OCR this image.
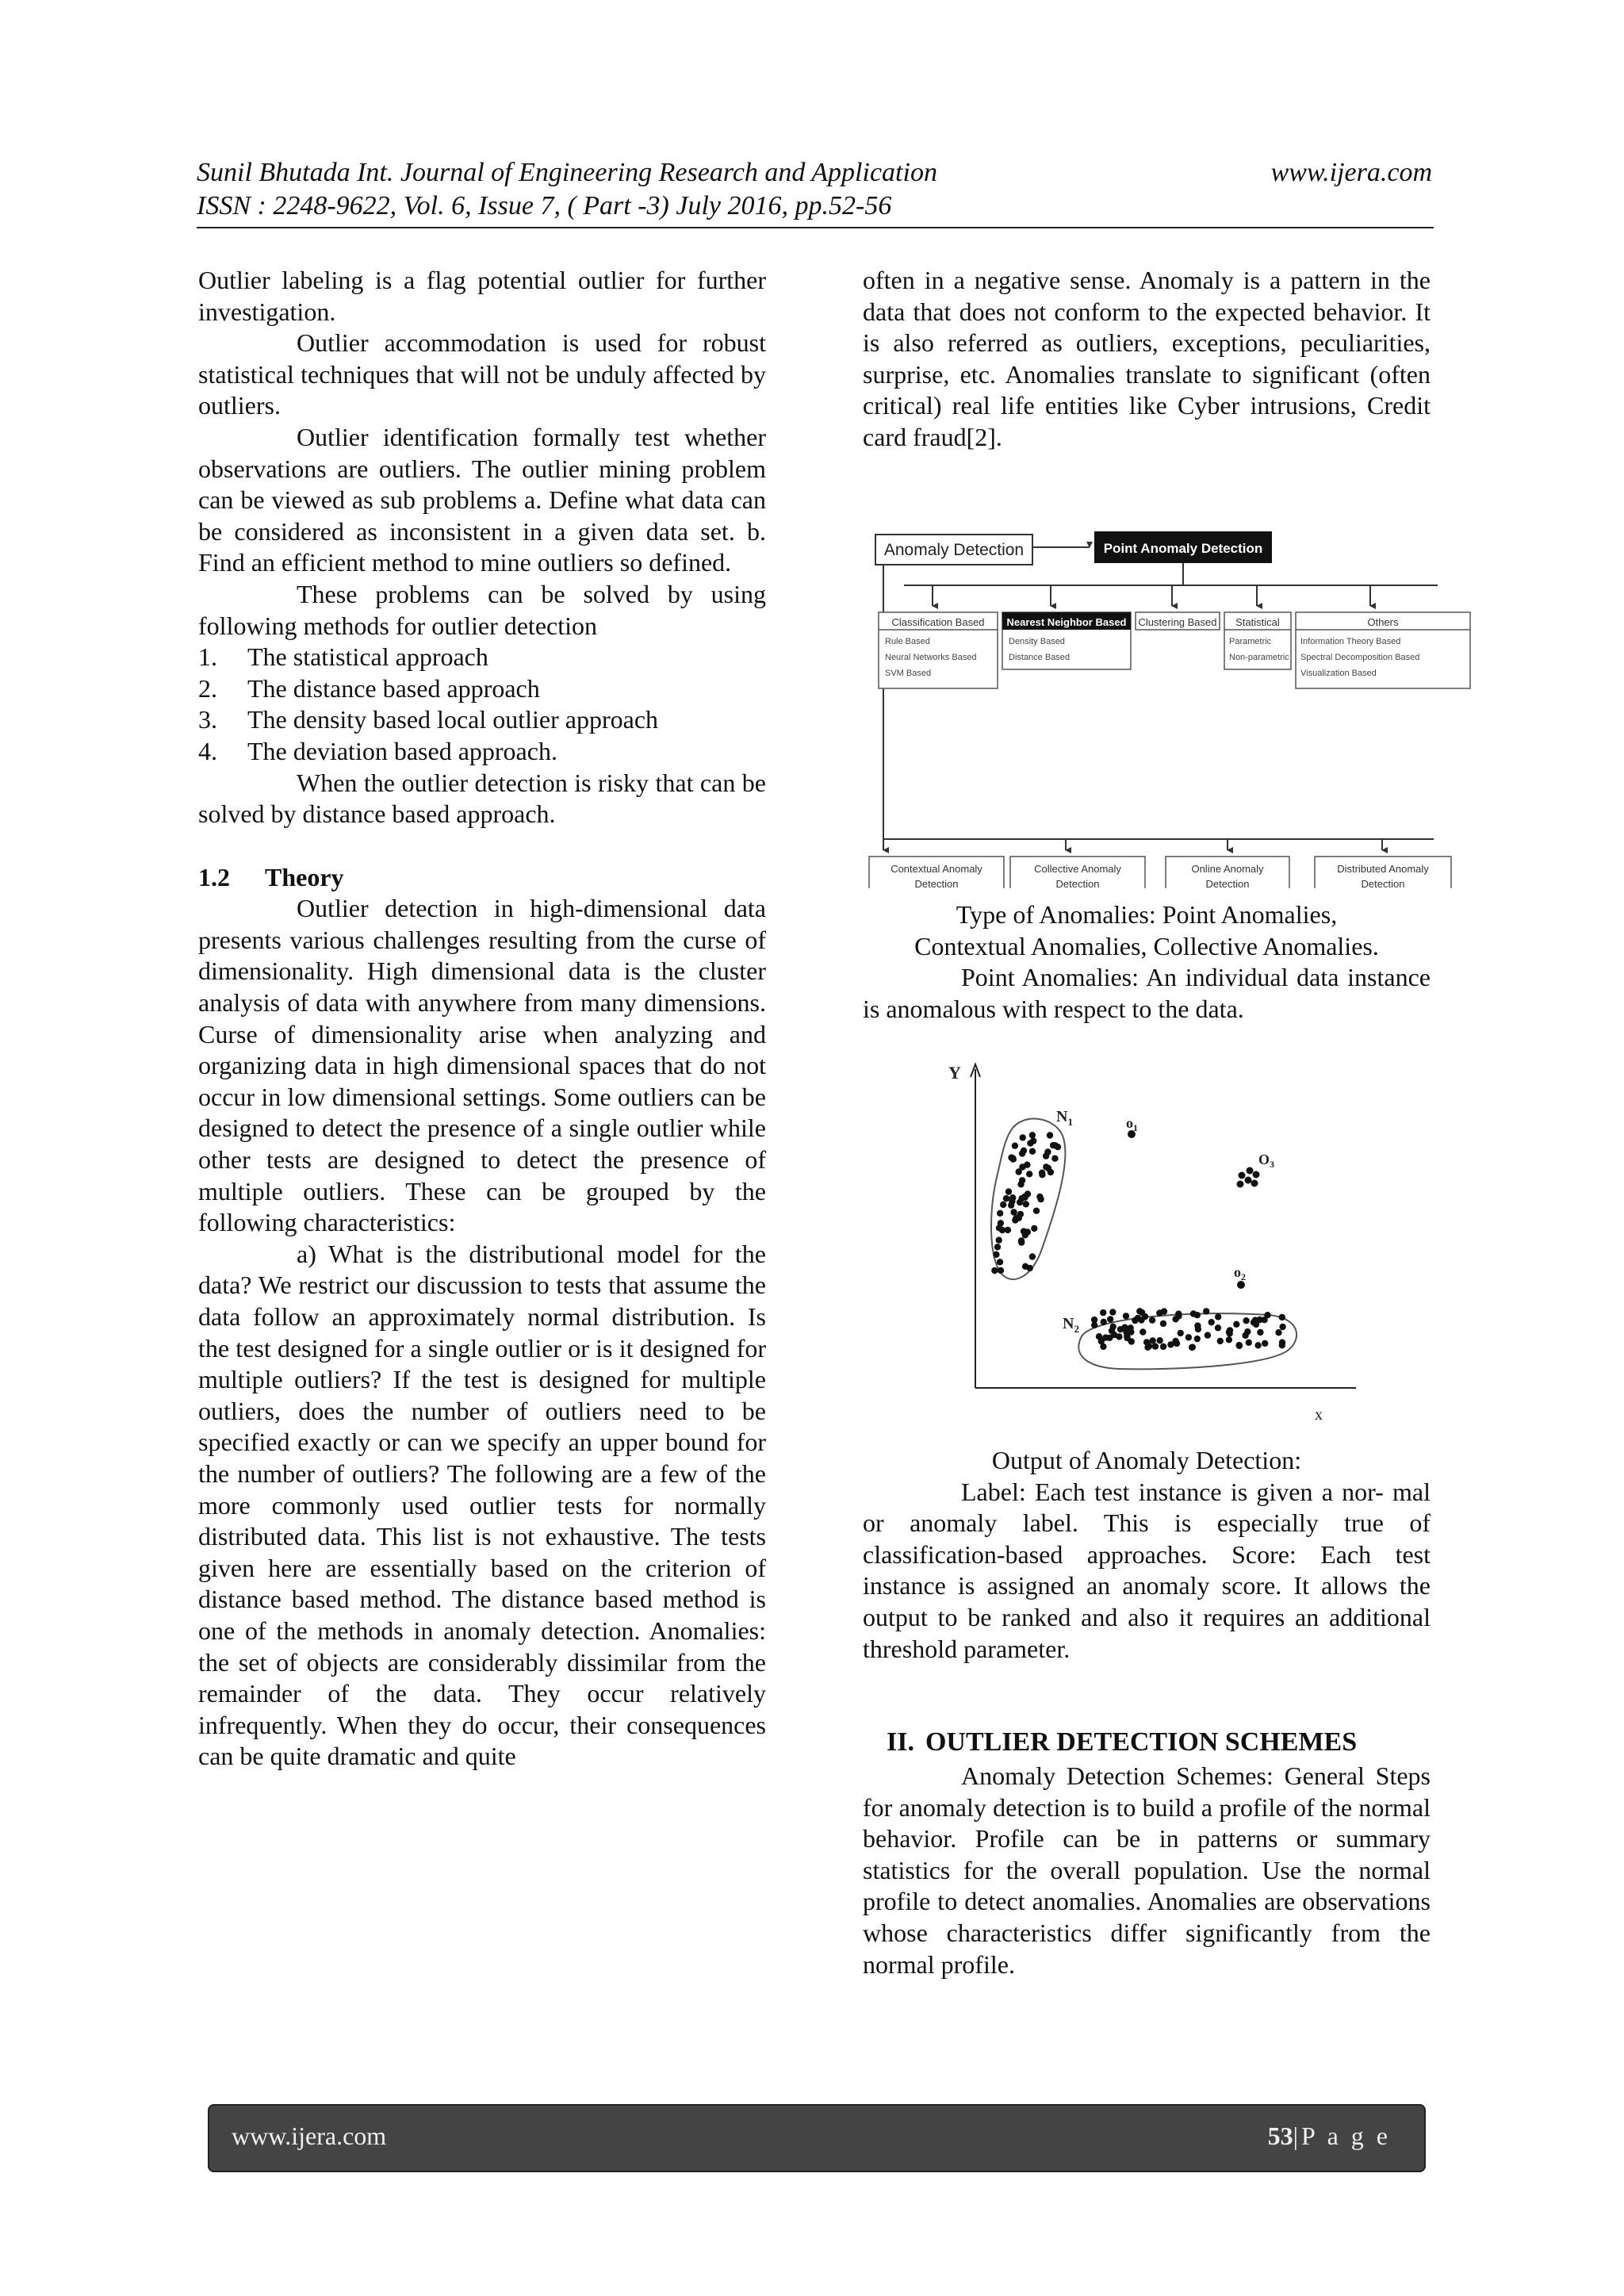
Sunil Bhutada Int. Journal of Engineering Research and Application	www.ijera.com
ISSN : 2248-9622, Vol. 6, Issue 7, ( Part -3) July 2016, pp.52-56

Outlier labeling is a flag potential outlier for further investigation.

Outlier accommodation is used for robust statistical techniques that will not be unduly affected by outliers.

Outlier identification formally test whether observations are outliers. The outlier mining problem can be viewed as sub problems a. Define what data can be considered as inconsistent in a given data set. b. Find an efficient method to mine outliers so defined.

These problems can be solved by using following methods for outlier detection

1. The statistical approach
2. The distance based approach
3. The density based local outlier approach
4. The deviation based approach.

When the outlier detection is risky that can be solved by distance based approach.

1.2 Theory

Outlier detection in high-dimensional data presents various challenges resulting from the curse of dimensionality. High dimensional data is the cluster analysis of data with anywhere from many dimensions. Curse of dimensionality arise when analyzing and organizing data in high dimensional spaces that do not occur in low dimensional settings. Some outliers can be designed to detect the presence of a single outlier while other tests are designed to detect the presence of multiple outliers. These can be grouped by the following characteristics:

a) What is the distributional model for the data? We restrict our discussion to tests that assume the data follow an approximately normal distribution. Is the test designed for a single outlier or is it designed for multiple outliers? If the test is designed for multiple outliers, does the number of outliers need to be specified exactly or can we specify an upper bound for the number of outliers? The following are a few of the more commonly used outlier tests for normally distributed data. This list is not exhaustive. The tests given here are essentially based on the criterion of distance based method. The distance based method is one of the methods in anomaly detection. Anomalies: the set of objects are considerably dissimilar from the remainder of the data. They occur relatively infrequently. When they do occur, their consequences can be quite dramatic and quite

often in a negative sense. Anomaly is a pattern in the data that does not conform to the expected behavior. It is also referred as outliers, exceptions, peculiarities, surprise, etc. Anomalies translate to significant (often critical) real life entities like Cyber intrusions, Credit card fraud[2].

Anomaly Detection	Point Anomaly Detection
Classification Based
Rule Based
Neural Networks Based
SVM Based
Nearest Neighbor Based
Density Based
Distance Based
Clustering Based Statistical
Parametric
Non-parametric
Others
Information Theory Based
Spectral Decomposition Based
Visualization Based
Contextual Anomaly
Detection
Collective Anomaly
Detection
Online Anomaly
Detection
Distributed Anomaly
Detection

Type of Anomalies: Point Anomalies,

Contextual Anomalies, Collective Anomalies.

Point Anomalies: An individual data instance is anomalous with respect to the data.

Y
x
$N_1$
$N_2$
$o_1$
$O_3$
$o_2$

Output of Anomaly Detection:

Label: Each test instance is given a nor- mal or anomaly label. This is especially true of classification-based approaches. Score: Each test instance is assigned an anomaly score. It allows the output to be ranked and also it requires an additional threshold parameter.

II. OUTLIER DETECTION SCHEMES

Anomaly Detection Schemes: General Steps for anomaly detection is to build a profile of the normal behavior. Profile can be in patterns or summary statistics for the overall population. Use the normal profile to detect anomalies. Anomalies are observations whose characteristics differ significantly from the normal profile.

www.ijera.com	53|P a g e
